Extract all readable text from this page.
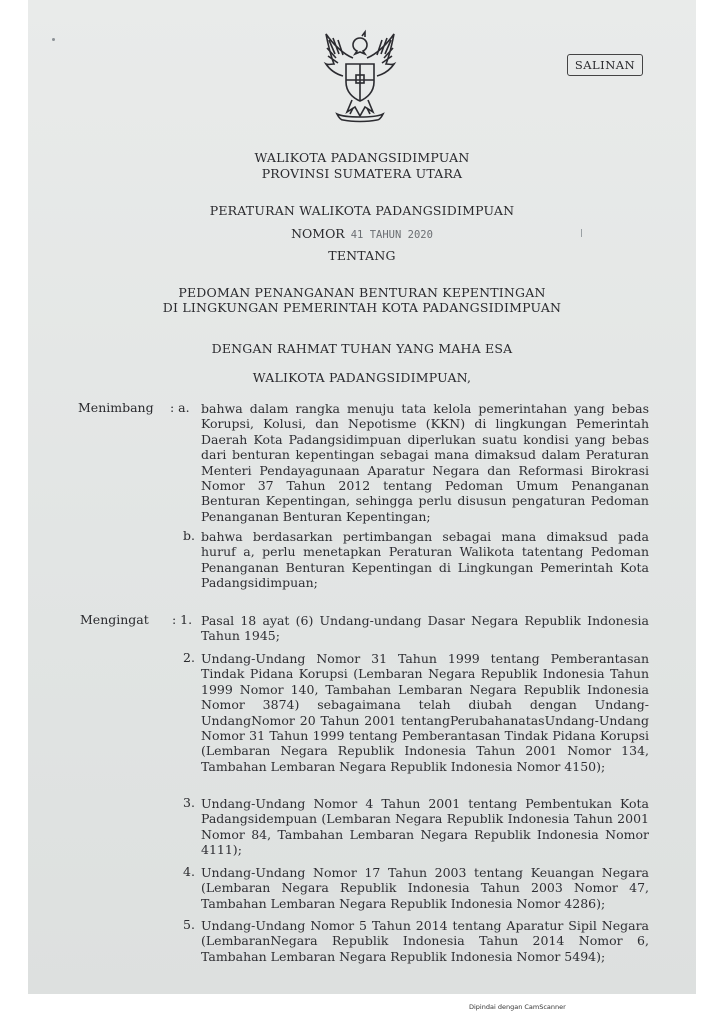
SALINAN
WALIKOTA PADANGSIDIMPUAN
PROVINSI SUMATERA UTARA
PERATURAN WALIKOTA PADANGSIDIMPUAN
NOMOR 41 TAHUN 2020
TENTANG
PEDOMAN PENANGANAN BENTURAN KEPENTINGAN
DI LINGKUNGAN PEMERINTAH KOTA PADANGSIDIMPUAN
DENGAN RAHMAT TUHAN YANG MAHA ESA
WALIKOTA PADANGSIDIMPUAN,
Menimbang : a. bahwa dalam rangka menuju tata kelola pemerintahan yang bebas Korupsi, Kolusi, dan Nepotisme (KKN) di lingkungan Pemerintah Daerah Kota Padangsidimpuan diperlukan suatu kondisi yang bebas dari benturan kepentingan sebagai mana dimaksud dalam Peraturan Menteri Pendayagunaan Aparatur Negara dan Reformasi Birokrasi Nomor 37 Tahun 2012 tentang Pedoman Umum Penanganan Benturan Kepentingan, sehingga perlu disusun pengaturan Pedoman Penanganan Benturan Kepentingan;
b. bahwa berdasarkan pertimbangan sebagai mana dimaksud pada huruf a, perlu menetapkan Peraturan Walikota tatentang Pedoman Penanganan Benturan Kepentingan di Lingkungan Pemerintah Kota Padangsidimpuan;
Mengingat : 1. Pasal 18 ayat (6) Undang-undang Dasar Negara Republik Indonesia Tahun 1945;
2. Undang-Undang Nomor 31 Tahun 1999 tentang Pemberantasan Tindak Pidana Korupsi (Lembaran Negara Republik Indonesia Tahun 1999 Nomor 140, Tambahan Lembaran Negara Republik Indonesia Nomor 3874) sebagaimana telah diubah dengan Undang-UndangNomor 20 Tahun 2001 tentangPerubahanatasUndang-Undang Nomor 31 Tahun 1999 tentang Pemberantasan Tindak Pidana Korupsi (Lembaran Negara Republik Indonesia Tahun 2001 Nomor 134, Tambahan Lembaran Negara Republik Indonesia Nomor 4150);
3. Undang-Undang Nomor 4 Tahun 2001 tentang Pembentukan Kota Padangsidempuan (Lembaran Negara Republik Indonesia Tahun 2001 Nomor 84, Tambahan Lembaran Negara Republik Indonesia Nomor 4111);
4. Undang-Undang Nomor 17 Tahun 2003 tentang Keuangan Negara (Lembaran Negara Republik Indonesia Tahun 2003 Nomor 47, Tambahan Lembaran Negara Republik Indonesia Nomor 4286);
5. Undang-Undang Nomor 5 Tahun 2014 tentang Aparatur Sipil Negara (LembaranNegara Republik Indonesia Tahun 2014 Nomor 6, Tambahan Lembaran Negara Republik Indonesia Nomor 5494);
Dipindai dengan CamScanner
